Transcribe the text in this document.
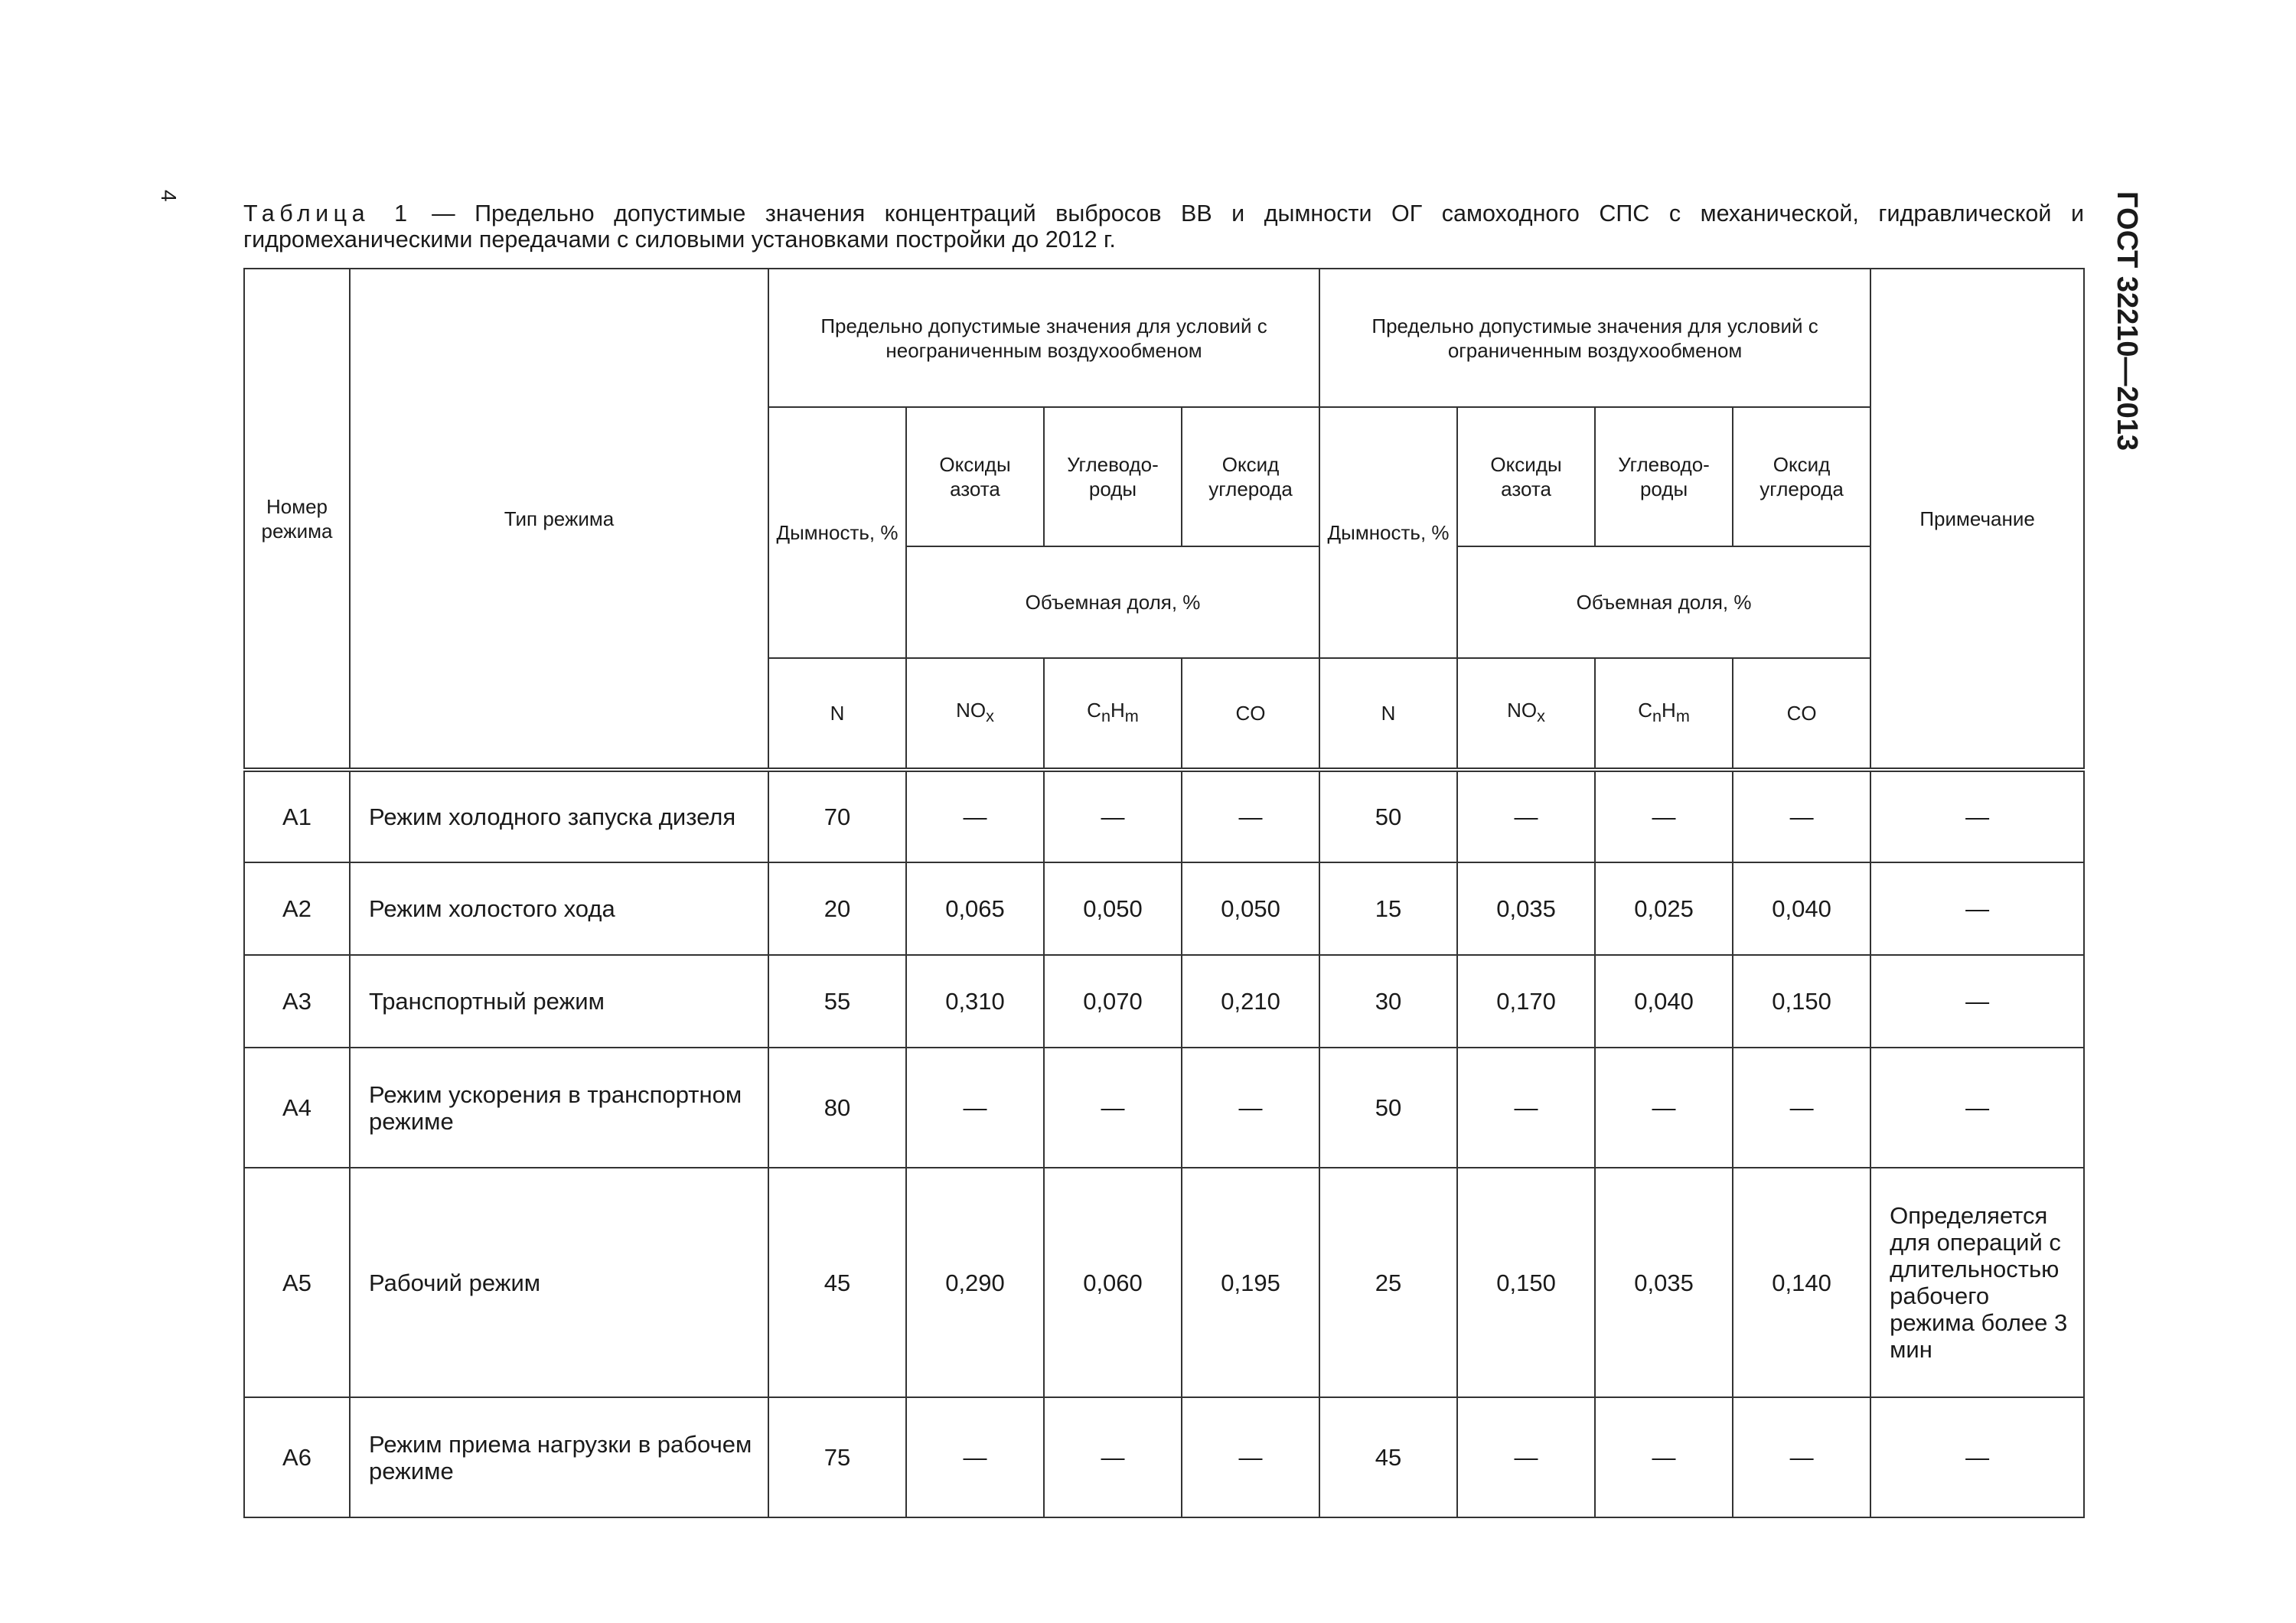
4	ГОСТ 32210—2013
Таблица 1 — Предельно допустимые значения концентраций выбросов ВВ и дымности ОГ самоходного СПС с механической, гидравлической и гидромеханическими передачами с силовыми установками постройки до 2012 г.
Номер режима	Тип режима	Предельно допустимые значения для условий с неограниченным воздухообменом				Предельно допустимые значения для условий с ограниченным воздухообменом				Примечание
		Дымность, %	Оксиды азота	Углеводо-роды	Оксид углерода	Дымность, %	Оксиды азота	Углеводо-роды	Оксид углерода	
			Объемная доля, %				Объемная доля, %			
		N	$NO_x$	$C_nH_m$	CO	N	$NO_x$	$C_nH_m$	CO	
А1	Режим холодного запуска дизеля	70	—	—	—	50	—	—	—	—
А2	Режим холостого хода	20	0,065	0,050	0,050	15	0,035	0,025	0,040	—
А3	Транспортный режим	55	0,310	0,070	0,210	30	0,170	0,040	0,150	—
А4	Режим ускорения в транспортном режиме	80	—	—	—	50	—	—	—	—
А5	Рабочий режим	45	0,290	0,060	0,195	25	0,150	0,035	0,140	Определяется для операций с длительностью рабочего режима более 3 мин
А6	Режим приема нагрузки в рабочем режиме	75	—	—	—	45	—	—	—	—
